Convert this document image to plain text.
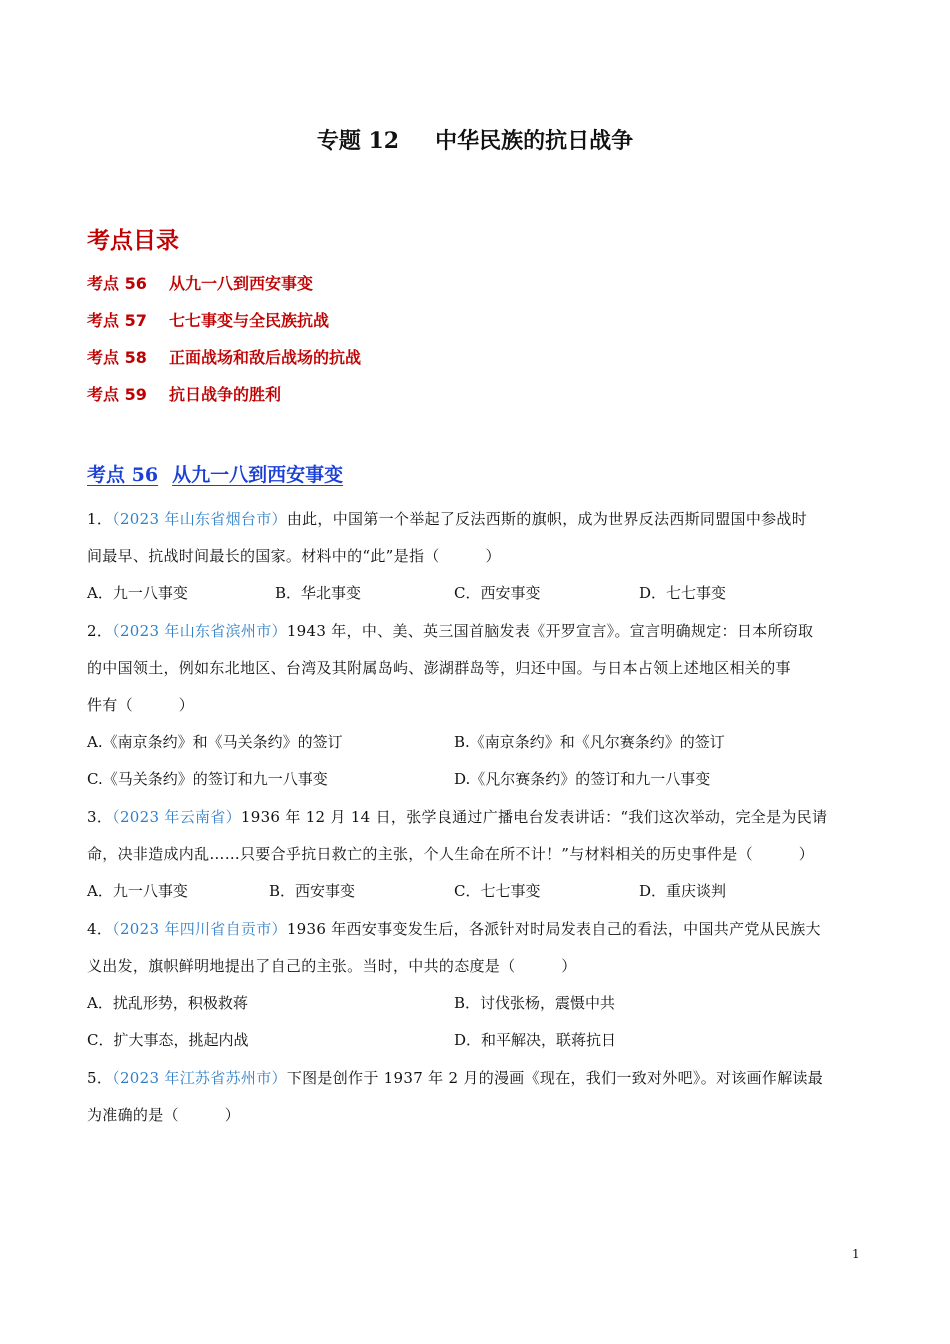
专题 12 中华民族的抗日战争
考点目录
考点 56 从九一八到西安事变
考点 57 七七事变与全民族抗战
考点 58 正面战场和敌后战场的抗战
考点 59 抗日战争的胜利
考点 56 从九一八到西安事变
1．（2023 年山东省烟台市）由此，中国第一个举起了反法西斯的旗帜，成为世界反法西斯同盟国中参战时
间最早、抗战时间最长的国家。材料中的“此”是指（　　　）
A．九一八事变	B．华北事变	C．西安事变	D．七七事变
2．（2023 年山东省滨州市）1943 年，中、美、英三国首脑发表《开罗宣言》。宣言明确规定：日本所窃取
的中国领土，例如东北地区、台湾及其附属岛屿、澎湖群岛等，归还中国。与日本占领上述地区相关的事
件有（　　　）
A.《南京条约》和《马关条约》的签订	B.《南京条约》和《凡尔赛条约》的签订
C.《马关条约》的签订和九一八事变	D.《凡尔赛条约》的签订和九一八事变
3．（2023 年云南省）1936 年 12 月 14 日，张学良通过广播电台发表讲话：“我们这次举动，完全是为民请
命，决非造成内乱……只要合乎抗日救亡的主张，个人生命在所不计！”与材料相关的历史事件是（　　　）
A．九一八事变	B．西安事变	C．七七事变	D．重庆谈判
4．（2023 年四川省自贡市）1936 年西安事变发生后，各派针对时局发表自己的看法，中国共产党从民族大
义出发，旗帜鲜明地提出了自己的主张。当时，中共的态度是（　　　）
A．扰乱形势，积极救蒋	B．讨伐张杨，震慑中共
C．扩大事态，挑起内战	D．和平解决，联蒋抗日
5．（2023 年江苏省苏州市）下图是创作于 1937 年 2 月的漫画《现在，我们一致对外吧》。对该画作解读最
为准确的是（　　　）
1
